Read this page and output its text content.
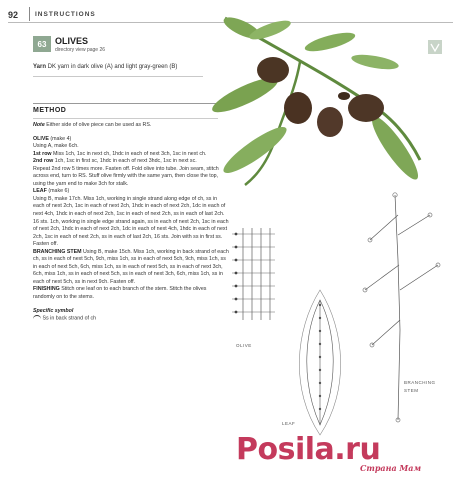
92	INSTRUCTIONS
63 OLIVES
directory view page 26
Yarn DK yarn in dark olive (A) and light gray-green (B)
METHOD

Note Either side of olive piece can be used as RS.

OLIVE (make 4)

Using A, make 6ch.

1st row Miss 1ch, 1sc in next ch, 1hdc in each of next 3ch, 1sc in next ch.

2nd row 1ch, 1sc in first sc, 1hdc in each of next 3hdc, 1sc in next sc.

Repeat 2nd row 5 times more. Fasten off. Fold olive into tube. Join seam, stitch across end, turn to RS. Stuff olive firmly with the same yarn, then close the top, using the yarn end to make 3ch for stalk.

LEAF (make 6)

Using B, make 17ch. Miss 1ch, working in single strand along edge of ch, ss in each of next 2ch, 1sc in each of next 2ch, 1hdc in each of next 2ch, 1dc in each of next 4ch, 1hdc in each of next 2ch, 1sc in each of next 2ch, ss in each of last 2ch. 16 sts. 1ch, working in single edge strand again, ss in each of next 2ch, 1sc in each of next 2ch, 1hdc in each of next 2ch, 1dc in each of next 4ch, 1hdc in each of next 2ch, 1sc in each of next 2ch, ss in each of last 2ch, 16 sts. Join with ss in first ss. Fasten off.

BRANCHING STEM Using B, make 15ch. Miss 1ch, working in back strand of each ch, ss in each of next 5ch, 9ch, miss 1ch, ss in each of next 5ch, 9ch, miss 1ch, ss in each of next 5ch, 6ch, miss 1ch, ss in each of next 5ch, ss in each of next 3ch, 6ch, miss 1ch, ss in each of next 5ch, ss in each of next 3ch, 6ch, miss 1ch, ss in each of next 5ch, ss in next 9ch. Fasten off.

FINISHING Stitch one leaf on to each branch of the stem. Stitch the olives randomly on to the stems.

Specific symbol

Ss in back strand of ch

OLIVE
LEAF
BRANCHING
STEM
Posila.ru
Страна Мам
